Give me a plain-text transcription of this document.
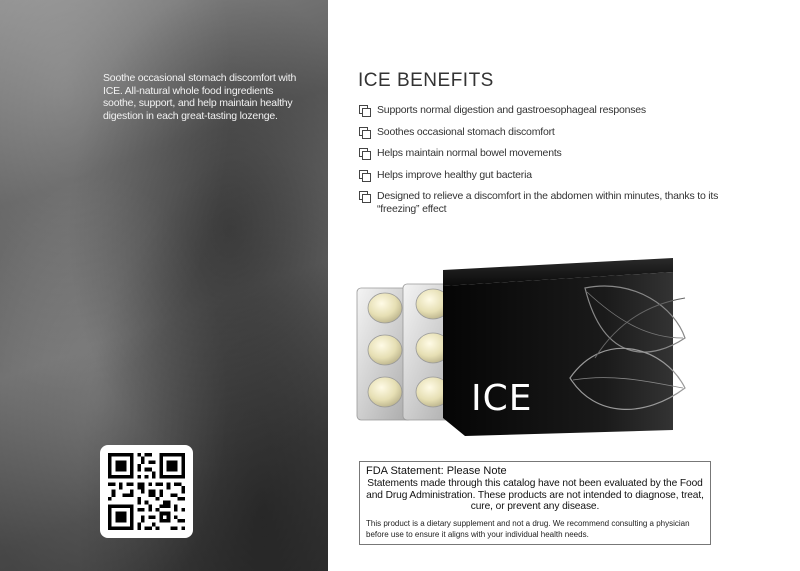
Soothe occasional stomach discomfort with ICE. All-natural whole food ingredients soothe, support, and help maintain healthy digestion in each great-tasting lozenge.
ICE BENEFITS
Supports normal digestion and gastroesophageal responses
Soothes occasional stomach discomfort
Helps maintain normal bowel movements
Helps improve healthy gut bacteria
Designed to relieve a discomfort in the abdomen within minutes, thanks to its “freezing” effect
ICE
FDA Statement: Please Note
Statements made through this catalog have not been evaluated by the Food and Drug Administration. These products are not intended to diagnose, treat, cure, or prevent any disease.
This product is a dietary supplement and not a drug. We recommend consulting a physician before use to ensure it aligns with your individual health needs.
